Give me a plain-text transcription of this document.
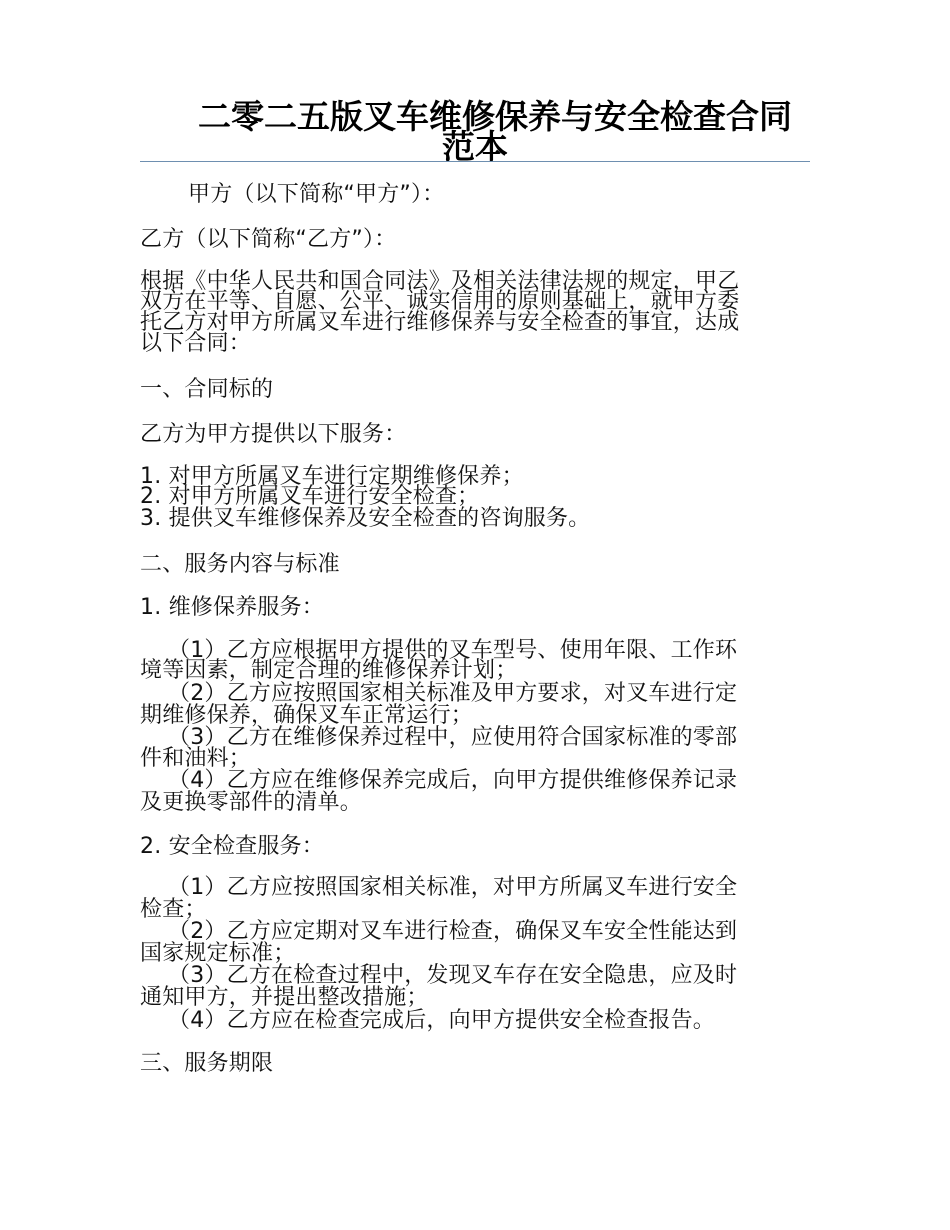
二零二五版叉车维修保养与安全检查合同
范本
甲方（以下简称“甲方”）：
乙方（以下简称“乙方”）：
根据《中华人民共和国合同法》及相关法律法规的规定，甲乙
双方在平等、自愿、公平、诚实信用的原则基础上，就甲方委
托乙方对甲方所属叉车进行维修保养与安全检查的事宜，达成
以下合同：
一、合同标的
乙方为甲方提供以下服务：
1. 对甲方所属叉车进行定期维修保养；
2. 对甲方所属叉车进行安全检查；
3. 提供叉车维修保养及安全检查的咨询服务。
二、服务内容与标准
1. 维修保养服务：
（1）乙方应根据甲方提供的叉车型号、使用年限、工作环
境等因素，制定合理的维修保养计划；
（2）乙方应按照国家相关标准及甲方要求，对叉车进行定
期维修保养，确保叉车正常运行；
（3）乙方在维修保养过程中，应使用符合国家标准的零部
件和油料；
（4）乙方应在维修保养完成后，向甲方提供维修保养记录
及更换零部件的清单。
2. 安全检查服务：
（1）乙方应按照国家相关标准，对甲方所属叉车进行安全
检查；
（2）乙方应定期对叉车进行检查，确保叉车安全性能达到
国家规定标准；
（3）乙方在检查过程中，发现叉车存在安全隐患，应及时
通知甲方，并提出整改措施；
（4）乙方应在检查完成后，向甲方提供安全检查报告。
三、服务期限
